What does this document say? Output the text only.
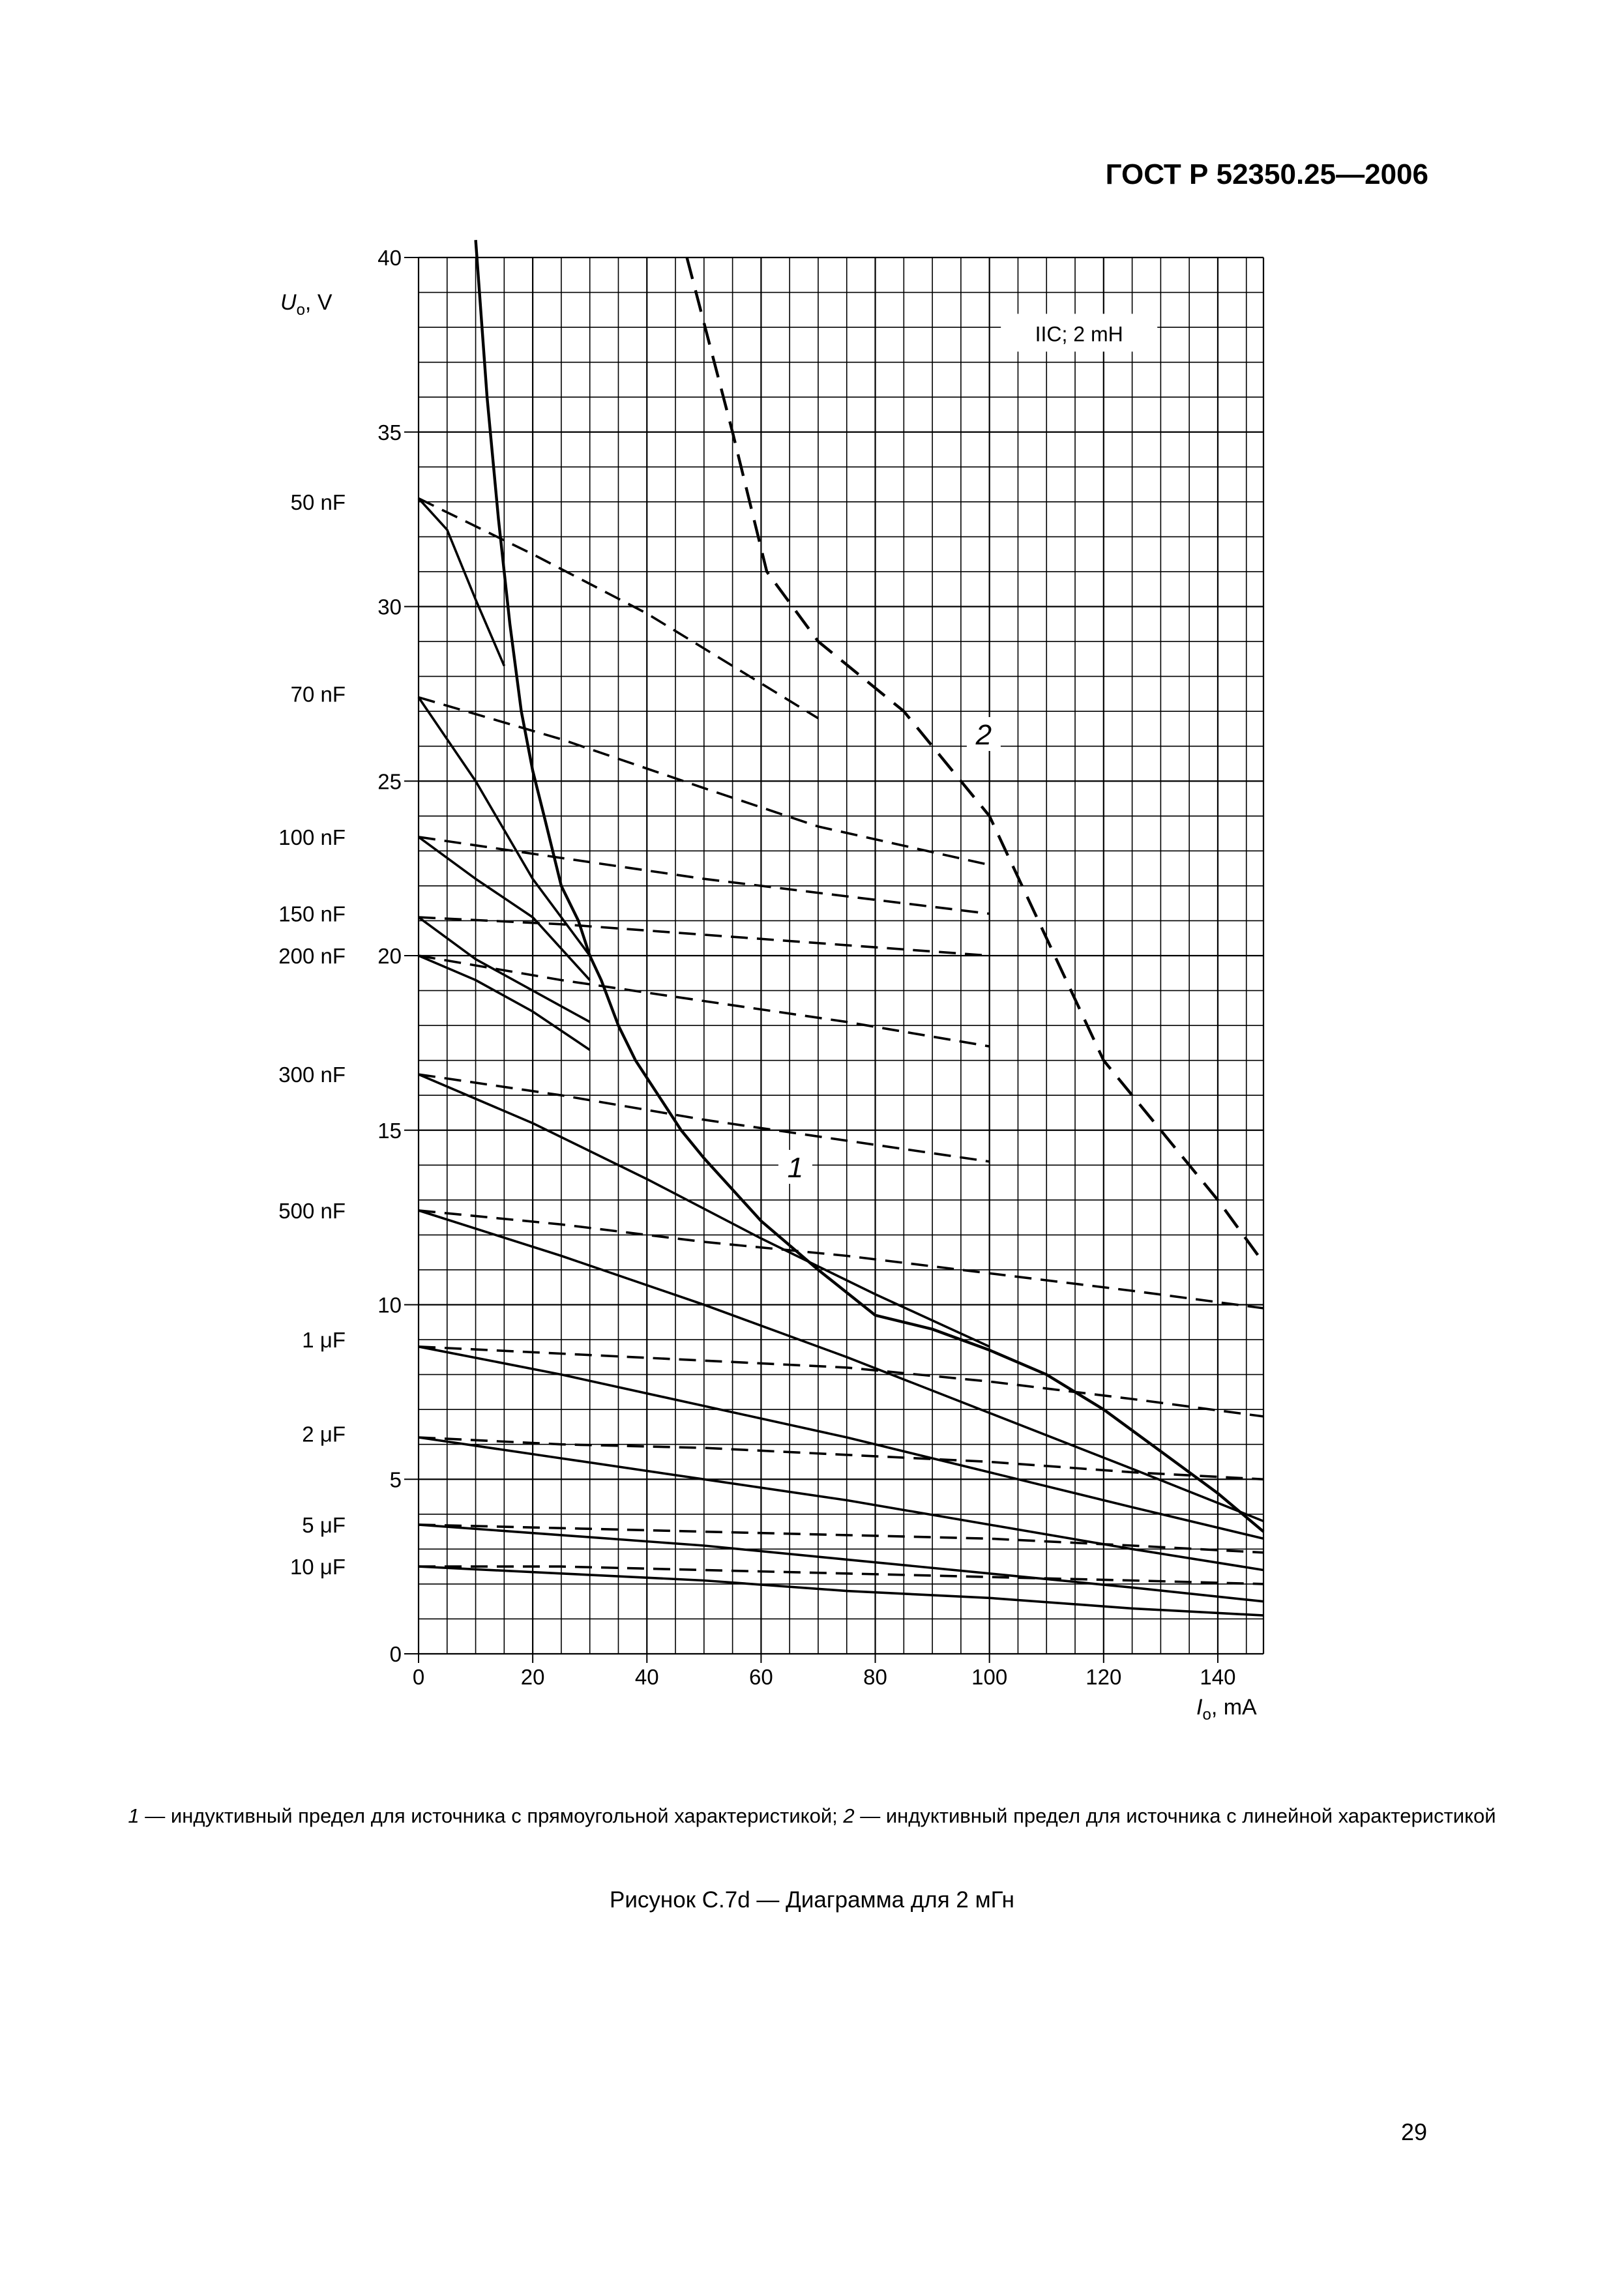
ГОСТ Р 52350.25—2006
0	20	40	60	80	100	120	140
0
5
10
15
20
25
30
35
40
$U_o$, V
$I_o$, mA
50 nF
70 nF
100 nF
150 nF
200 nF
300 nF
500 nF
1 μF
2 μF
5 μF
10 μF
IIC; 2 mH
1
2
1 — индуктивный предел для источника с прямоугольной характеристикой; 2 — индуктивный предел для источника с линейной характеристикой
Рисунок С.7d — Диаграмма для 2 мГн
29
